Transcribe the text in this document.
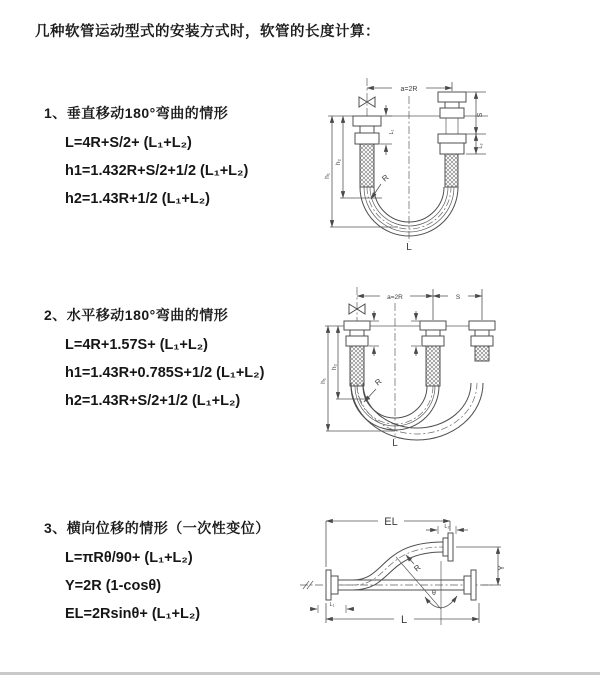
几种软管运动型式的安装方式时，软管的长度计算：
1、垂直移动180°弯曲的情形
L=4R+S/2+ (L₁+L₂)
h1=1.432R+S/2+1/2 (L₁+L₂)
h2=1.43R+1/2 (L₁+L₂)
2、水平移动180°弯曲的情形
L=4R+1.57S+ (L₁+L₂)
h1=1.43R+0.785S+1/2 (L₁+L₂)
h2=1.43R+S/2+1/2 (L₁+L₂)
3、横向位移的情形（一次性变位）
L=πRθ/90+ (L₁+L₂)
Y=2R (1-cosθ)
EL=2Rsinθ+ (L₁+L₂)
a=2R
R
h₂
h₁
S
L₂
L₁
L
a=2R	S
R
h₂
h₁
L
EL	L₂
Y
θ
R
L₁
L
